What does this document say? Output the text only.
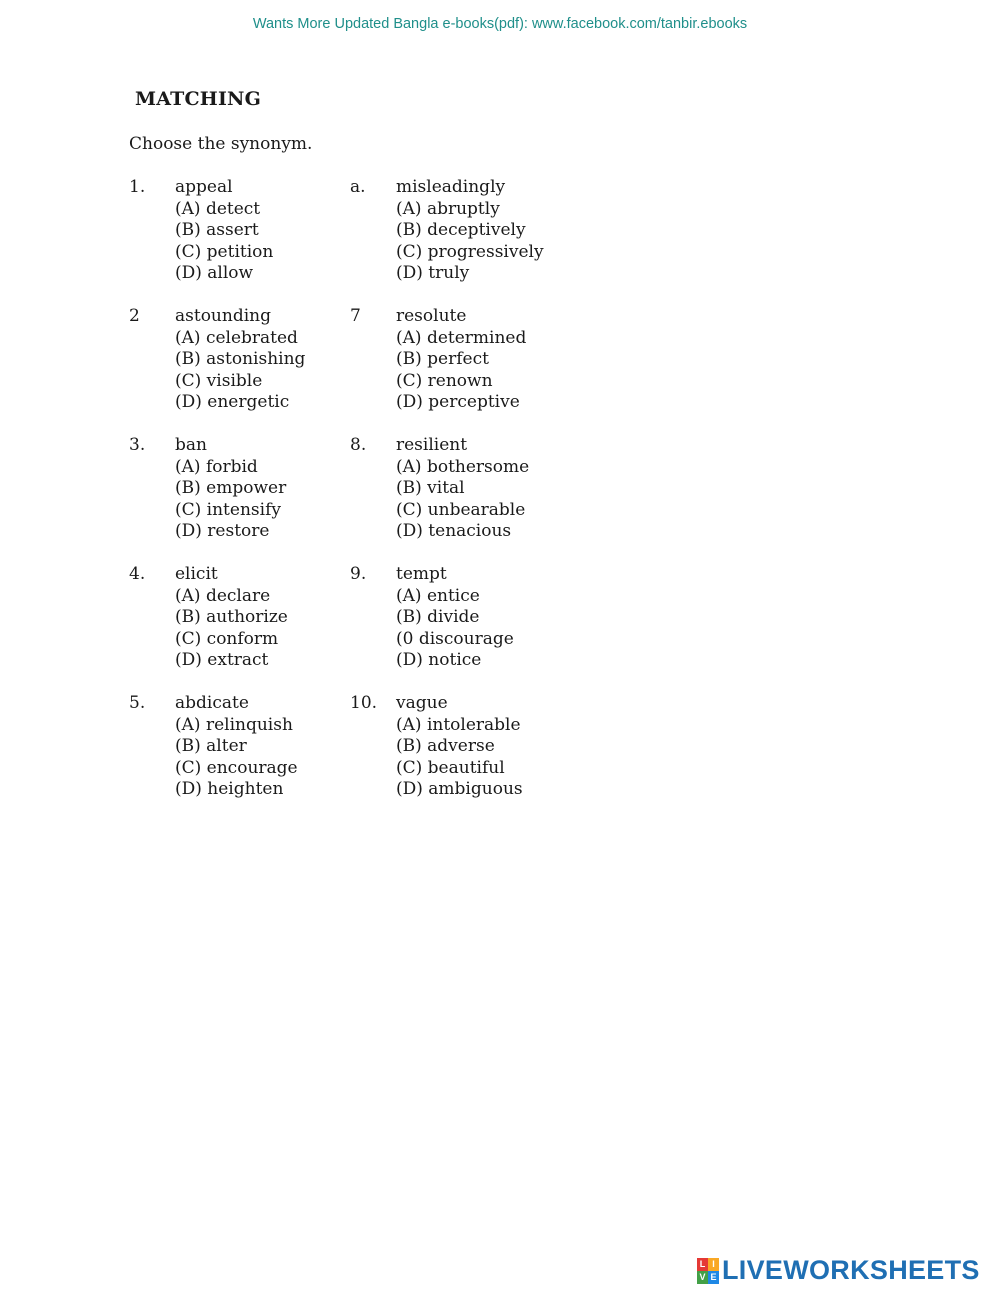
Wants More Updated Bangla e-books(pdf): www.facebook.com/tanbir.ebooks
MATCHING
Choose the synonym.
1.	appeal
(A) detect
(B) assert
(C) petition
(D) allow
a.	misleadingly
(A) abruptly
(B) deceptively
(C) progressively
(D) truly
2	astounding
(A) celebrated
(B) astonishing
(C) visible
(D) energetic
7	resolute
(A) determined
(B) perfect
(C) renown
(D) perceptive
3.	ban
(A) forbid
(B) empower
(C) intensify
(D) restore
8.	resilient
(A) bothersome
(B) vital
(C) unbearable
(D) tenacious
4.	elicit
(A) declare
(B) authorize
(C) conform
(D) extract
9.	tempt
(A) entice
(B) divide
(0 discourage
(D) notice
5.	abdicate
(A) relinquish
(B) alter
(C) encourage
(D) heighten
10.	vague
(A) intolerable
(B) adverse
(C) beautiful
(D) ambiguous
L I
V E LIVEWORKSHEETS
